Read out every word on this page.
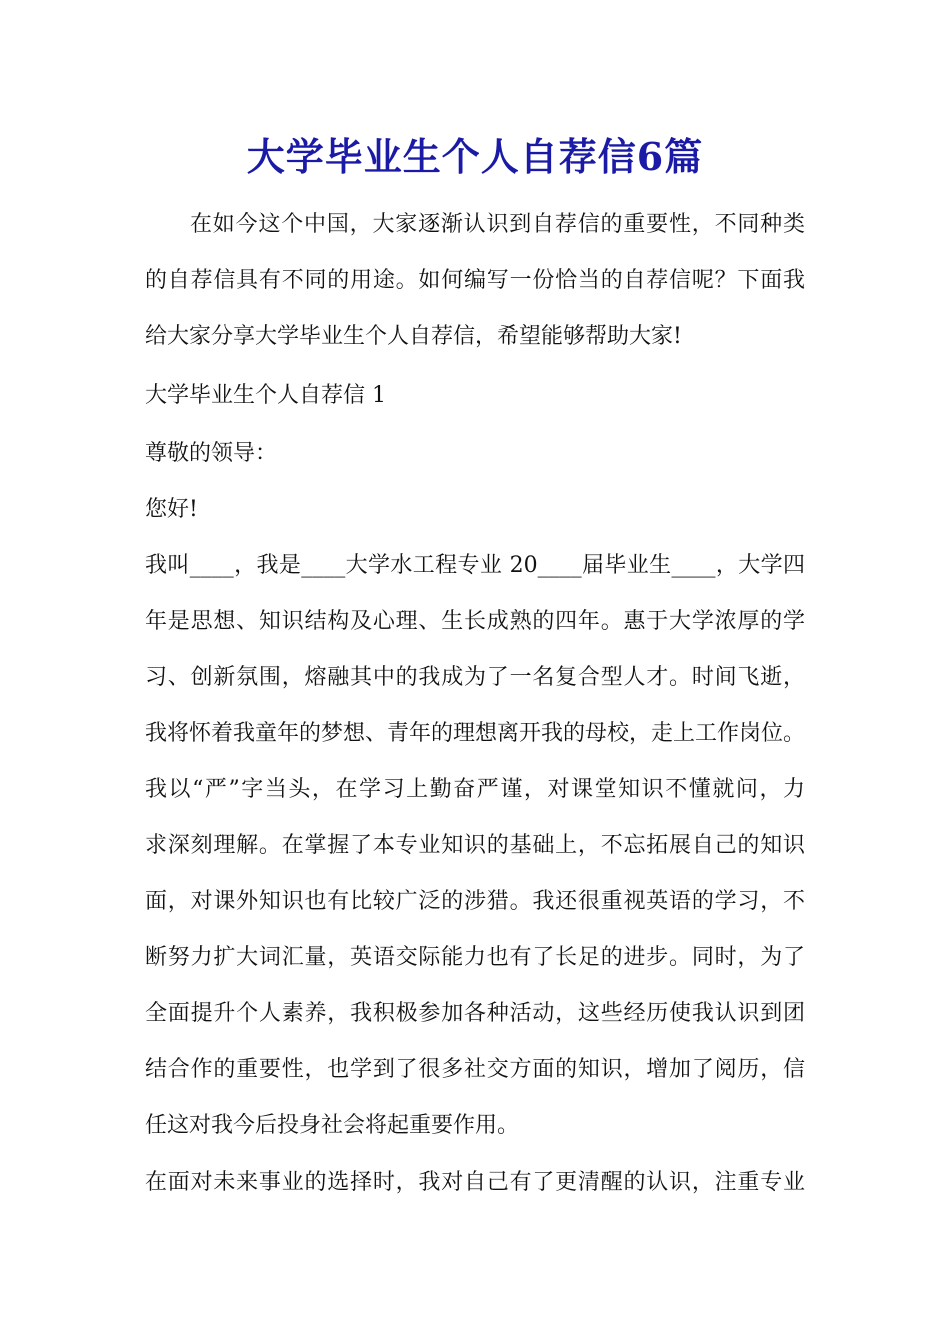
大学毕业生个人自荐信6篇

在如今这个中国，大家逐渐认识到自荐信的重要性，不同种类

的自荐信具有不同的用途。如何编写一份恰当的自荐信呢？下面我

给大家分享大学毕业生个人自荐信，希望能够帮助大家!

大学毕业生个人自荐信 1

尊敬的领导：

您好!

我叫____，我是____大学水工程专业 20____届毕业生____，大学四

年是思想、知识结构及心理、生长成熟的四年。惠于大学浓厚的学

习、创新氛围，熔融其中的我成为了一名复合型人才。时间飞逝，

我将怀着我童年的梦想、青年的理想离开我的母校，走上工作岗位。

我以“严”字当头，在学习上勤奋严谨，对课堂知识不懂就问，力

求深刻理解。在掌握了本专业知识的基础上，不忘拓展自己的知识

面，对课外知识也有比较广泛的涉猎。我还很重视英语的学习，不

断努力扩大词汇量，英语交际能力也有了长足的进步。同时，为了

全面提升个人素养，我积极参加各种活动，这些经历使我认识到团

结合作的重要性，也学到了很多社交方面的知识，增加了阅历，信

任这对我今后投身社会将起重要作用。

在面对未来事业的选择时，我对自己有了更清醒的认识，注重专业
